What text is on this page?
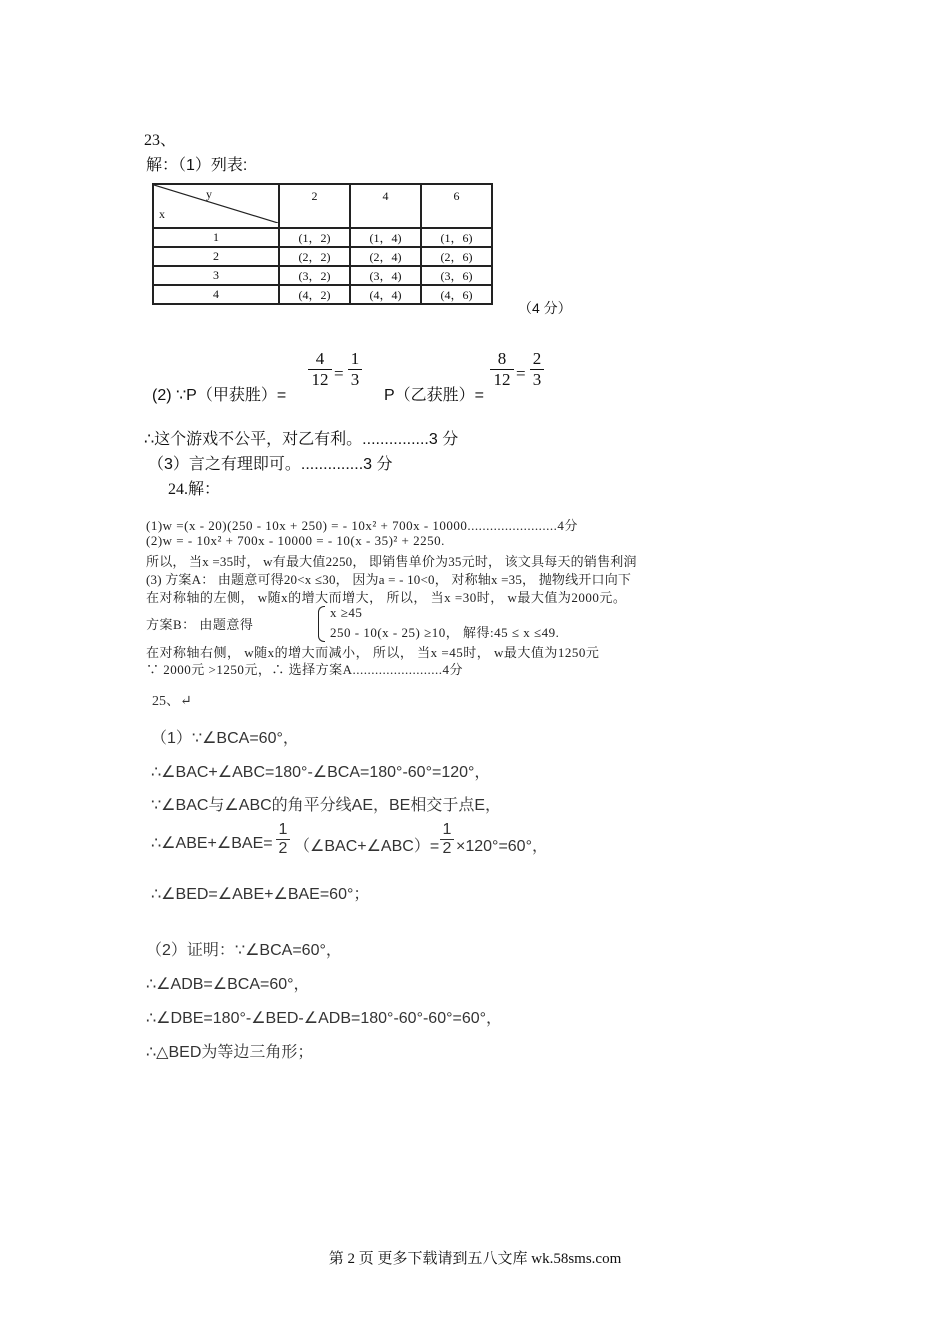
23、
解：（1）列表:
y
x	2	4	6
1	(1，2)	(1，4)	(1，6)
2	(2，2)	(2，4)	(2，6)
3	(3，2)	(3，4)	(3，6)
4	(4，2)	(4，4)	(4，6)
（4 分）
(2) ∵P（甲获胜）=
4
12 =
1
3
P（乙获胜）=
8
12 =
2
3
∴这个游戏不公平，对乙有利。...............3 分
（3）言之有理即可。..............3 分
24.解：
(1)w =(x - 20)(250 - 10x + 250) = - 10x² + 700x - 10000........................4分
(2)w = - 10x² + 700x - 10000 = - 10(x - 35)² + 2250.
所以， 当x =35时， w有最大值2250， 即销售单价为35元时， 该文具每天的销售利润
(3) 方案A： 由题意可得20<x ≤30， 因为a = - 10<0， 对称轴x =35， 抛物线开口向下
在对称轴的左侧， w随x的增大而增大， 所以， 当x =30时， w最大值为2000元。
方案B： 由题意得
x ≥45
250 - 10(x - 25) ≥10， 解得:45 ≤ x ≤49.
在对称轴右侧， w随x的增大而减小， 所以， 当x =45时， w最大值为1250元
∵ 2000元 >1250元，∴ 选择方案A........................4分
25、↵
（1）∵∠BCA=60°，
∴∠BAC+∠ABC=180°-∠BCA=180°-60°=120°，
∵∠BAC与∠ABC的角平分线AE，BE相交于点E，
∴∠ABE+∠BAE=
1
2 （∠BAC+∠ABC）=
1
2 ×120°=60°，
∴∠BED=∠ABE+∠BAE=60°；
（2）证明：∵∠BCA=60°，
∴∠ADB=∠BCA=60°，
∴∠DBE=180°-∠BED-∠ADB=180°-60°-60°=60°，
∴△BED为等边三角形；
第 2 页 更多下载请到五八文库 wk.58sms.com
